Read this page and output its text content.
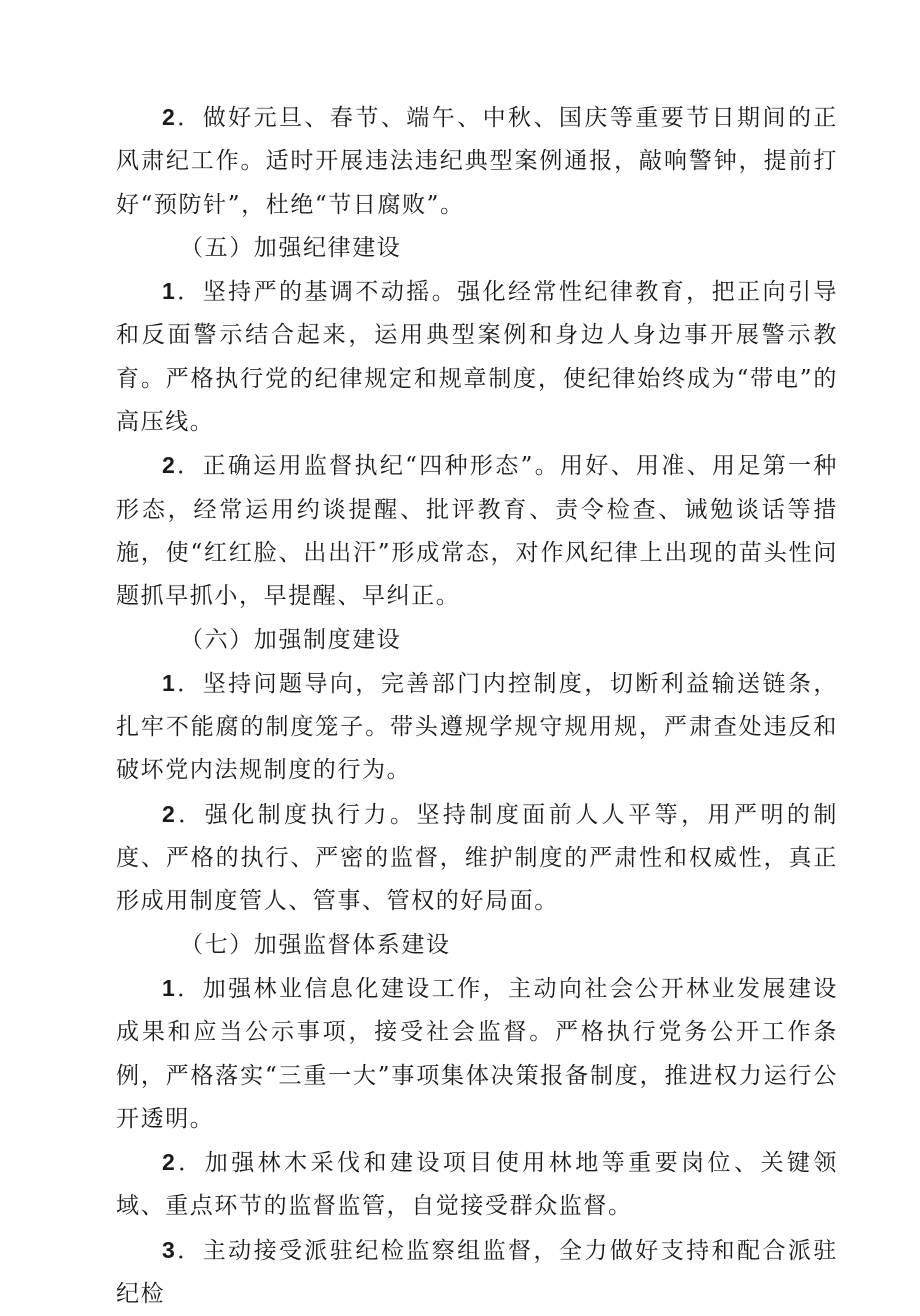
2．做好元旦、春节、端午、中秋、国庆等重要节日期间的正风肃纪工作。适时开展违法违纪典型案例通报，敲响警钟，提前打好“预防针”，杜绝“节日腐败”。

（五）加强纪律建设

1．坚持严的基调不动摇。强化经常性纪律教育，把正向引导和反面警示结合起来，运用典型案例和身边人身边事开展警示教育。严格执行党的纪律规定和规章制度，使纪律始终成为“带电”的高压线。

2．正确运用监督执纪“四种形态”。用好、用准、用足第一种形态，经常运用约谈提醒、批评教育、责令检查、诫勉谈话等措施，使“红红脸、出出汗”形成常态，对作风纪律上出现的苗头性问题抓早抓小，早提醒、早纠正。

（六）加强制度建设

1．坚持问题导向，完善部门内控制度，切断利益输送链条，扎牢不能腐的制度笼子。带头遵规学规守规用规，严肃查处违反和破坏党内法规制度的行为。

2．强化制度执行力。坚持制度面前人人平等，用严明的制度、严格的执行、严密的监督，维护制度的严肃性和权威性，真正形成用制度管人、管事、管权的好局面。

（七）加强监督体系建设

1．加强林业信息化建设工作，主动向社会公开林业发展建设成果和应当公示事项，接受社会监督。严格执行党务公开工作条例，严格落实“三重一大”事项集体决策报备制度，推进权力运行公开透明。

2．加强林木采伐和建设项目使用林地等重要岗位、关键领域、重点环节的监督监管，自觉接受群众监督。

3．主动接受派驻纪检监察组监督，全力做好支持和配合派驻纪检
